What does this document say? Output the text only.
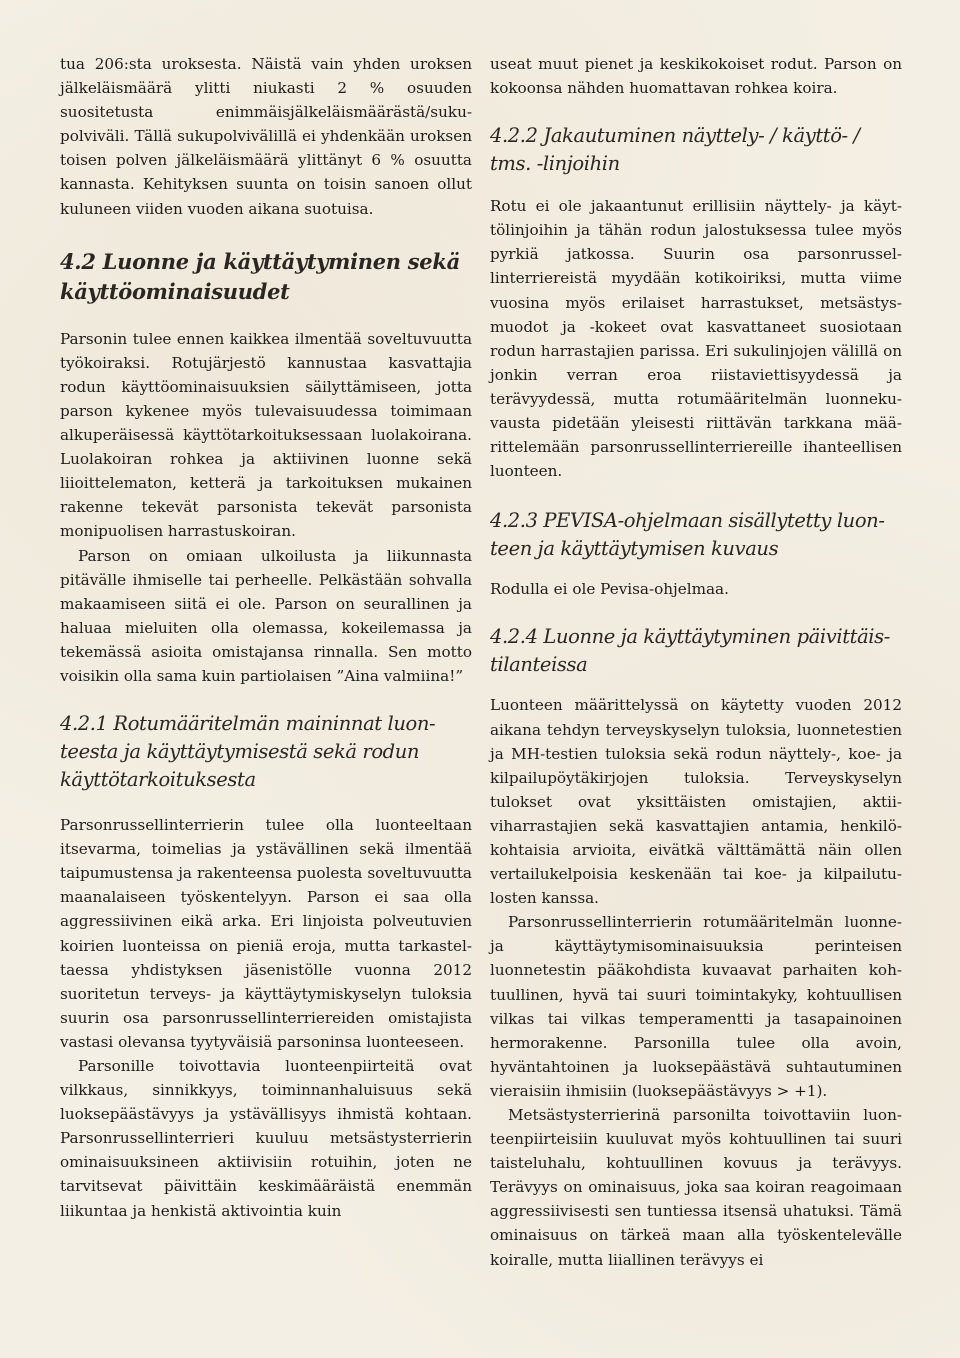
tua 206:sta uroksesta. Näistä vain yhden uroksen jälkeläismäärä ylitti niukasti 2 % osuuden suositetusta enimmäisjälkeläismäärästä/sukupolviväli. Tällä sukupolvivälillä ei yhdenkään uroksen toisen polven jälkeläismäärä ylittänyt 6 % osuutta kannasta. Kehityksen suunta on toisin sanoen ollut kuluneen viiden vuoden aikana suotuisa.

4.2 Luonne ja käyttäytyminen sekä käyttöominaisuudet

Parsonin tulee ennen kaikkea ilmentää soveltuvuutta työkoiraksi. Rotujärjestö kannustaa kasvattajia rodun käyttöominaisuuksien säilyttämiseen, jotta parson kykenee myös tulevaisuudessa toimimaan alkuperäisessä käyttötarkoituksessaan luolakoirana. Luolakoiran rohkea ja aktiivinen luonne sekä liioittelematon, ketterä ja tarkoituksen mukainen rakenne tekevät parsonista tekevät parsonista monipuolisen harrastuskoiran.

Parson on omiaan ulkoilusta ja liikunnasta pitävälle ihmiselle tai perheelle. Pelkästään sohvalla makaamiseen siitä ei ole. Parson on seurallinen ja haluaa mieluiten olla olemassa, kokeilemassa ja tekemässä asioita omistajansa rinnalla. Sen motto voisikin olla sama kuin partiolaisen ”Aina valmiina!”

4.2.1 Rotumääritelmän maininnat luonteesta ja käyttäytymisestä sekä rodun käyttötarkoituksesta

Parsonrussellinterrierin tulee olla luonteeltaan itsevarma, toimelias ja ystävällinen sekä ilmentää taipumustensa ja rakenteensa puolesta soveltuvuutta maanalaiseen työskentelyyn. Parson ei saa olla aggressiivinen eikä arka. Eri linjoista polveutuvien koirien luonteissa on pieniä eroja, mutta tarkasteltaessa yhdistyksen jäsenistölle vuonna 2012 suoritetun terveys- ja käyttäytymiskyselyn tuloksia suurin osa parsonrussellinterriereiden omistajista vastasi olevansa tyytyväisiä parsoninsa luonteeseen.

Parsonille toivottavia luonteenpiirteitä ovat vilkkaus, sinnikkyys, toiminnanhaluisuus sekä luoksepäästävyys ja ystävällisyys ihmistä kohtaan. Parsonrussellinterrieri kuuluu metsästysterrierin ominaisuuksineen aktiivisiin rotuihin, joten ne tarvitsevat päivittäin keskimääräistä enemmän liikuntaa ja henkistä aktivointia kuin

useat muut pienet ja keskikokoiset rodut. Parson on kokoonsa nähden huomattavan rohkea koira.

4.2.2 Jakautuminen näyttely- / käyttö- / tms. -linjoihin

Rotu ei ole jakaantunut erillisiin näyttely- ja käyttölinjoihin ja tähän rodun jalostuksessa tulee myös pyrkiä jatkossa. Suurin osa parsonrussellinterriereistä myydään kotikoiriksi, mutta viime vuosina myös erilaiset harrastukset, metsästysmuodot ja -kokeet ovat kasvattaneet suosiotaan rodun harrastajien parissa. Eri sukulinjojen välillä on jonkin verran eroa riistaviettisyydessä ja terävyydessä, mutta rotumääritelmän luonnekuvausta pidetään yleisesti riittävän tarkkana määrittelemään parsonrussellinterriereille ihanteellisen luonteen.

4.2.3 PEVISA-ohjelmaan sisällytetty luonteen ja käyttäytymisen kuvaus

Rodulla ei ole Pevisa-ohjelmaa.

4.2.4 Luonne ja käyttäytyminen päivittäistilanteissa

Luonteen määrittelyssä on käytetty vuoden 2012 aikana tehdyn terveyskyselyn tuloksia, luonnetestien ja MH-testien tuloksia sekä rodun näyttely-, koe- ja kilpailupöytäkirjojen tuloksia. Terveyskyselyn tulokset ovat yksittäisten omistajien, aktiiviharrastajien sekä kasvattajien antamia, henkilökohtaisia arvioita, eivätkä välttämättä näin ollen vertailukelpoisia keskenään tai koe- ja kilpailutulosten kanssa.

Parsonrussellinterrierin rotumääritelmän luonne- ja käyttäytymisominaisuuksia perinteisen luonnetestin pääkohdista kuvaavat parhaiten kohtuullinen, hyvä tai suuri toimintakyky, kohtuullisen vilkas tai vilkas temperamentti ja tasapainoinen hermorakenne. Parsonilla tulee olla avoin, hyväntahtoinen ja luoksepäästävä suhtautuminen vieraisiin ihmisiin (luoksepäästävyys > +1).

Metsästysterrierinä parsonilta toivottaviin luonteenpiirteisiin kuuluvat myös kohtuullinen tai suuri taisteluhalu, kohtuullinen kovuus ja terävyys. Terävyys on ominaisuus, joka saa koiran reagoimaan aggressiivisesti sen tuntiessa itsensä uhatuksi. Tämä ominaisuus on tärkeä maan alla työskentelevälle koiralle, mutta liiallinen terävyys ei
